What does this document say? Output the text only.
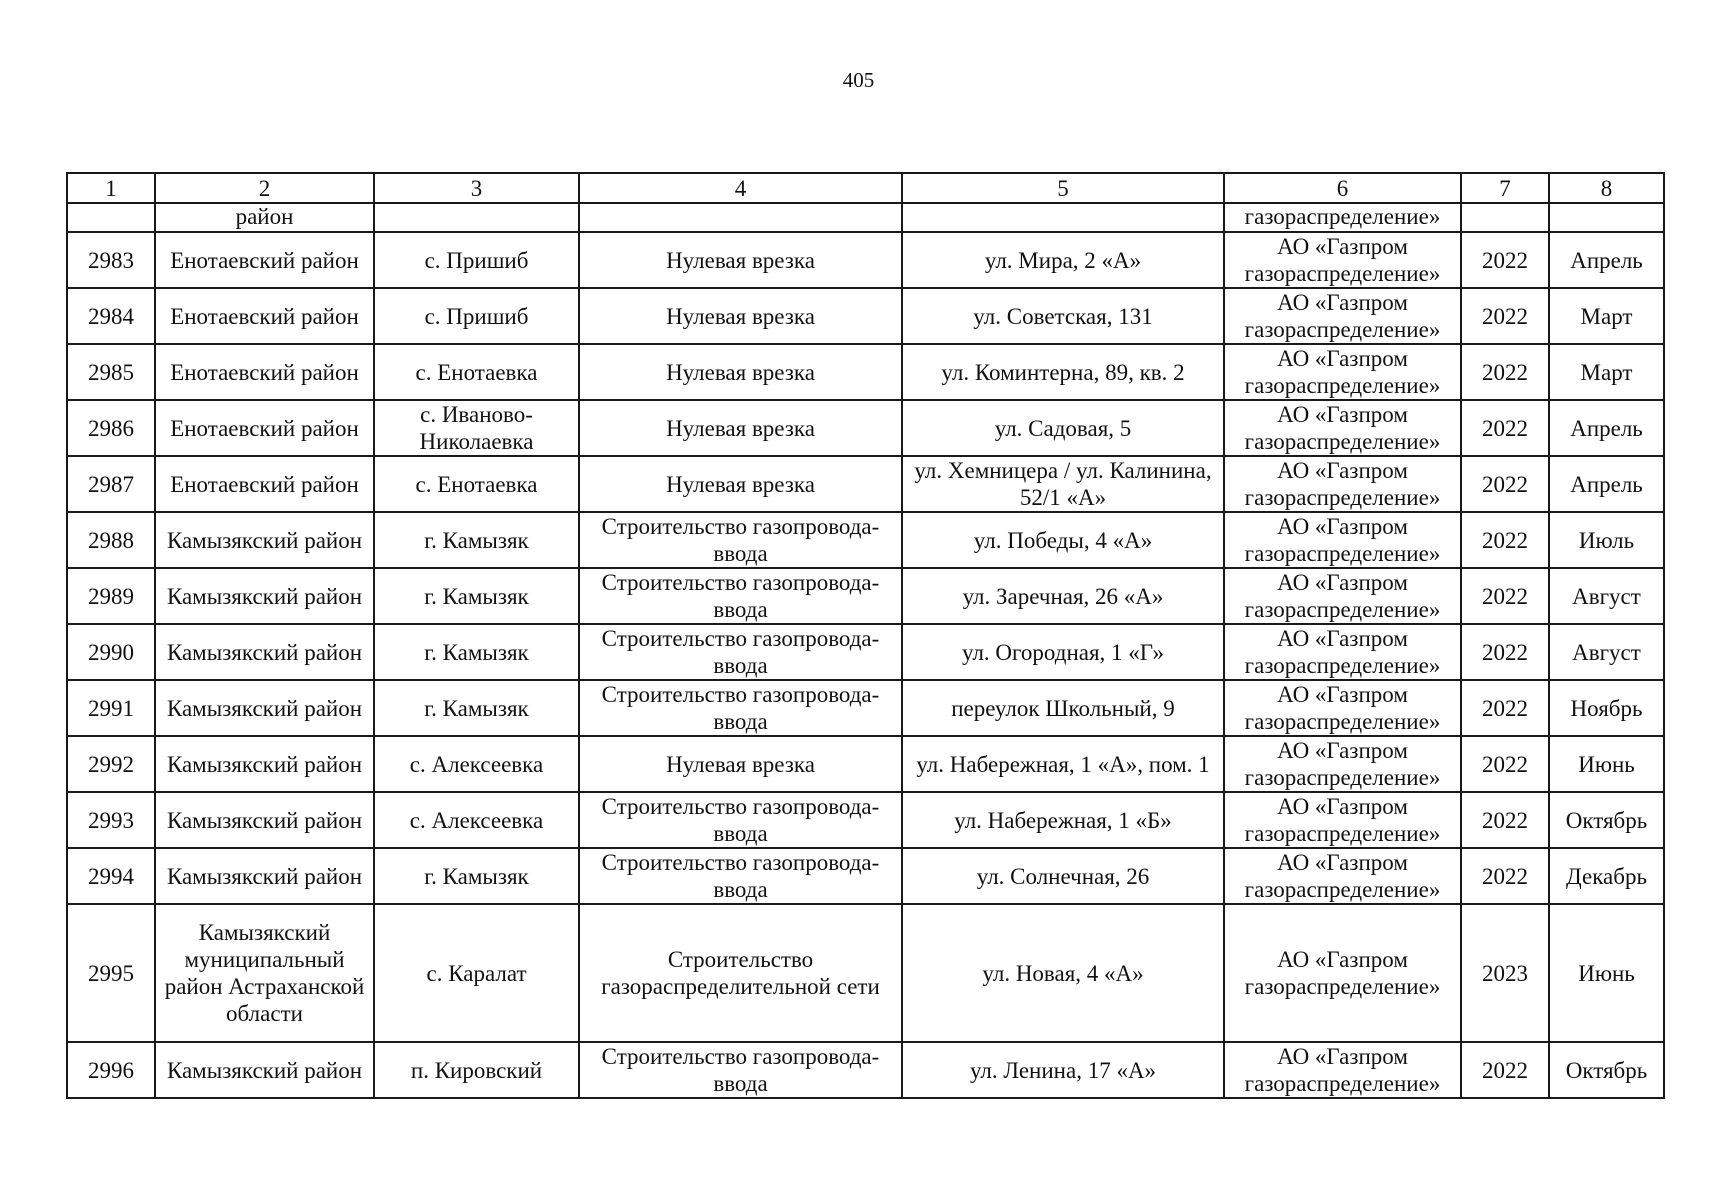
405
1	2	3	4	5	6	7	8
	район				газораспределение»		
2983	Енотаевский район	с. Пришиб	Нулевая врезка	ул. Мира, 2 «А»	АО «Газпром газораспределение»	2022	Апрель
2984	Енотаевский район	с. Пришиб	Нулевая врезка	ул. Советская, 131	АО «Газпром газораспределение»	2022	Март
2985	Енотаевский район	с. Енотаевка	Нулевая врезка	ул. Коминтерна, 89, кв. 2	АО «Газпром газораспределение»	2022	Март
2986	Енотаевский район	с. Иваново-Николаевка	Нулевая врезка	ул. Садовая, 5	АО «Газпром газораспределение»	2022	Апрель
2987	Енотаевский район	с. Енотаевка	Нулевая врезка	ул. Хемницера / ул. Калинина, 52/1 «А»	АО «Газпром газораспределение»	2022	Апрель
2988	Камызякский район	г. Камызяк	Строительство газопровода-ввода	ул. Победы, 4 «А»	АО «Газпром газораспределение»	2022	Июль
2989	Камызякский район	г. Камызяк	Строительство газопровода-ввода	ул. Заречная, 26 «А»	АО «Газпром газораспределение»	2022	Август
2990	Камызякский район	г. Камызяк	Строительство газопровода-ввода	ул. Огородная, 1 «Г»	АО «Газпром газораспределение»	2022	Август
2991	Камызякский район	г. Камызяк	Строительство газопровода-ввода	переулок Школьный, 9	АО «Газпром газораспределение»	2022	Ноябрь
2992	Камызякский район	с. Алексеевка	Нулевая врезка	ул. Набережная, 1 «А», пом. 1	АО «Газпром газораспределение»	2022	Июнь
2993	Камызякский район	с. Алексеевка	Строительство газопровода-ввода	ул. Набережная, 1 «Б»	АО «Газпром газораспределение»	2022	Октябрь
2994	Камызякский район	г. Камызяк	Строительство газопровода-ввода	ул. Солнечная, 26	АО «Газпром газораспределение»	2022	Декабрь
2995	Камызякский муниципальный район Астраханской области	с. Каралат	Строительство газораспределительной сети	ул. Новая, 4 «А»	АО «Газпром газораспределение»	2023	Июнь
2996	Камызякский район	п. Кировский	Строительство газопровода-ввода	ул. Ленина, 17 «А»	АО «Газпром газораспределение»	2022	Октябрь
